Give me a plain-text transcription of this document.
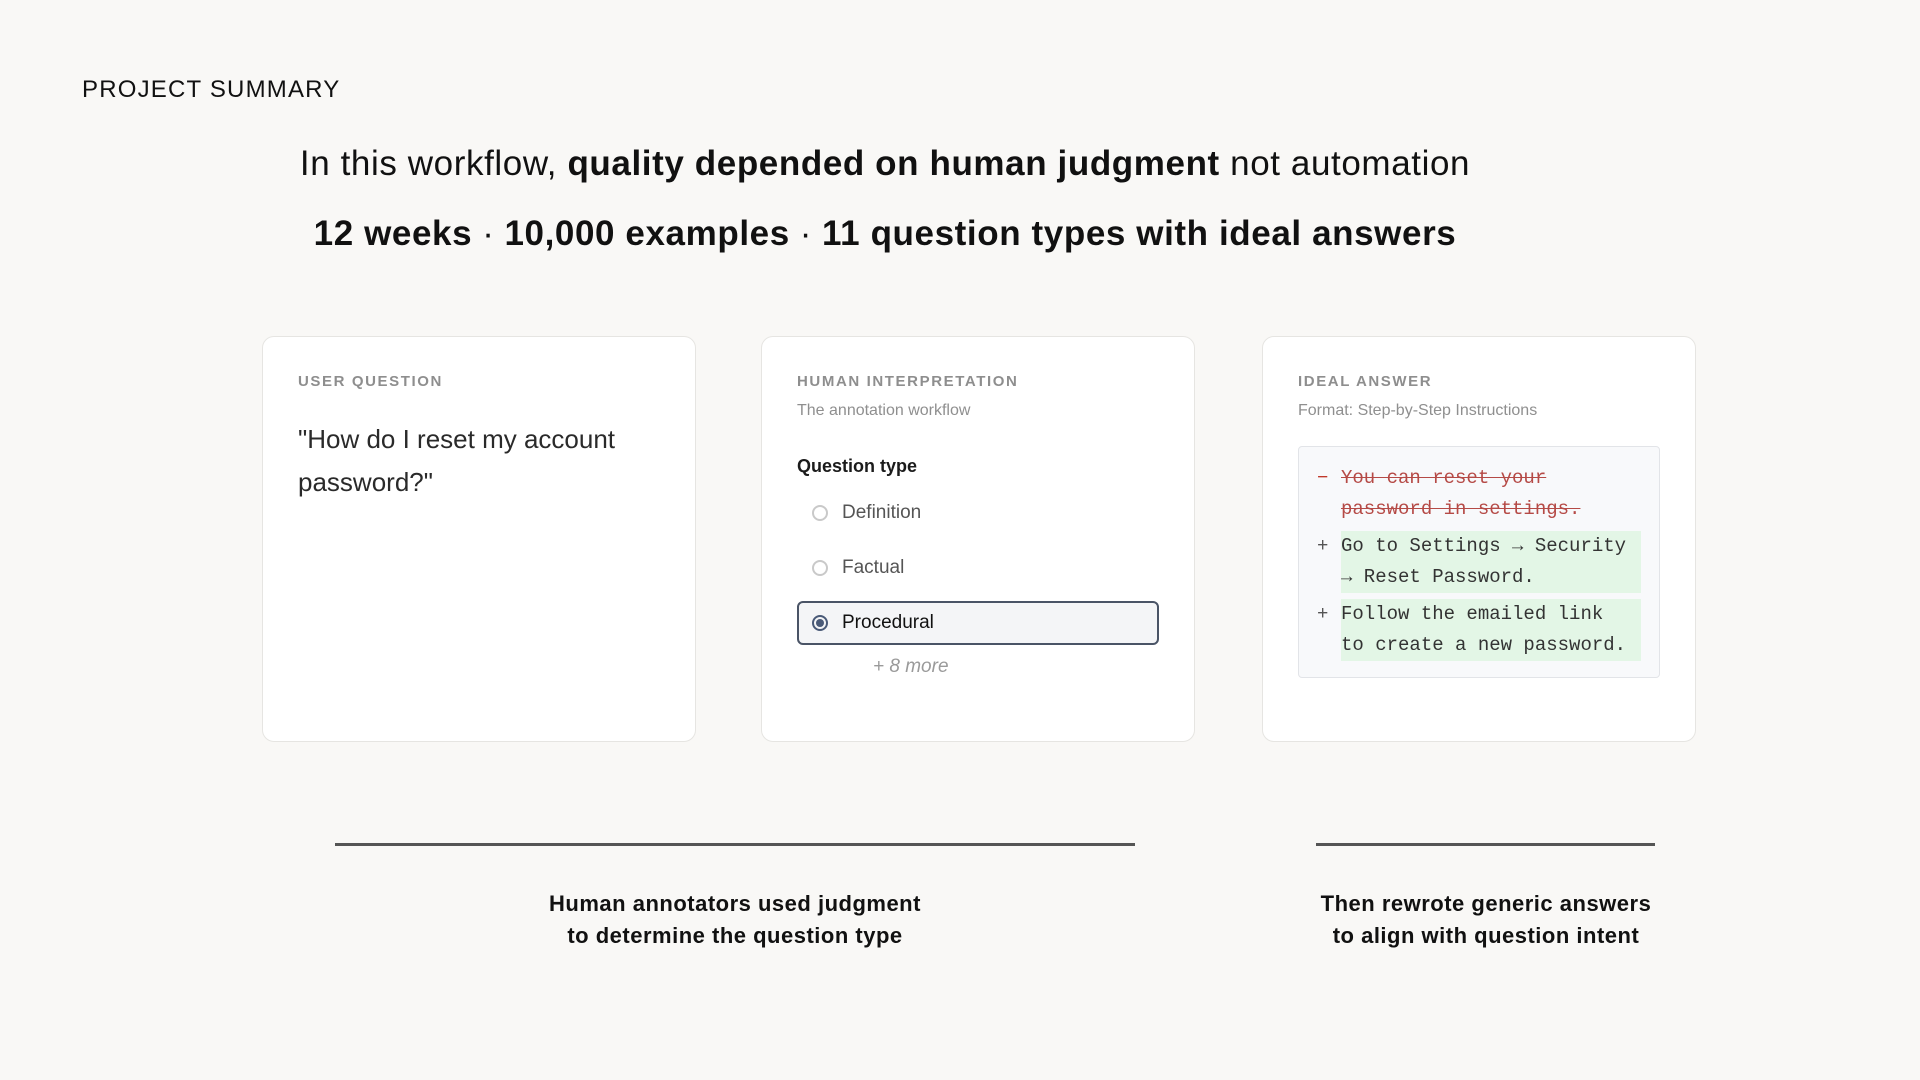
PROJECT SUMMARY
In this workflow, quality depended on human judgment not automation
12 weeks · 10,000 examples · 11 question types with ideal answers
USER QUESTION
"How do I reset my account password?"
HUMAN INTERPRETATION
The annotation workflow
Question type
Definition
Factual
Procedural
+ 8 more
IDEAL ANSWER
Format: Step-by-Step Instructions
− You can reset your password in settings.
+ Go to Settings → Security → Reset Password.
+ Follow the emailed link to create a new password.
Human annotators used judgment
to determine the question type
Then rewrote generic answers
to align with question intent
